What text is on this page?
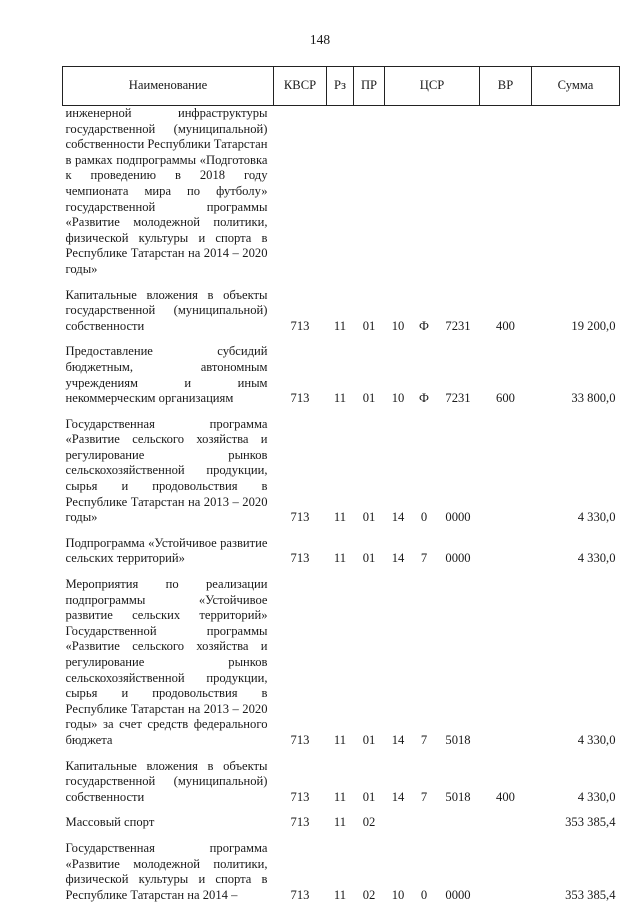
148
Наименование	КВСР	Рз	ПР	ЦСР			ВР	Сумма
инженерной инфраструктуры государственной (муниципальной) собственности Республики Татарстан в рамках подпрограммы «Подготовка к проведению в 2018 году чемпионата мира по футболу» государственной программы «Развитие молодежной политики, физической культуры и спорта в Республике Татарстан на 2014 – 2020 годы»								
Капитальные вложения в объекты государственной (муниципальной) собственности	713	11	01	10	Ф	7231	400	19 200,0
Предоставление субсидий бюджетным, автономным учреждениям и иным некоммерческим организациям	713	11	01	10	Ф	7231	600	33 800,0
Государственная программа «Развитие сельского хозяйства и регулирование рынков сельскохозяйственной продукции, сырья и продовольствия в Республике Татарстан на 2013 – 2020 годы»	713	11	01	14	0	0000		4 330,0
Подпрограмма «Устойчивое развитие сельских территорий»	713	11	01	14	7	0000		4 330,0
Мероприятия по реализации подпрограммы «Устойчивое развитие сельских территорий» Государственной программы «Развитие сельского хозяйства и регулирование рынков сельскохозяйственной продукции, сырья и продовольствия в Республике Татарстан на 2013 – 2020 годы» за счет средств федерального бюджета	713	11	01	14	7	5018		4 330,0
Капитальные вложения в объекты государственной (муниципальной) собственности	713	11	01	14	7	5018	400	4 330,0
Массовый спорт	713	11	02					353 385,4
Государственная программа «Развитие молодежной политики, физической культуры и спорта в Республике Татарстан на 2014 –	713	11	02	10	0	0000		353 385,4
